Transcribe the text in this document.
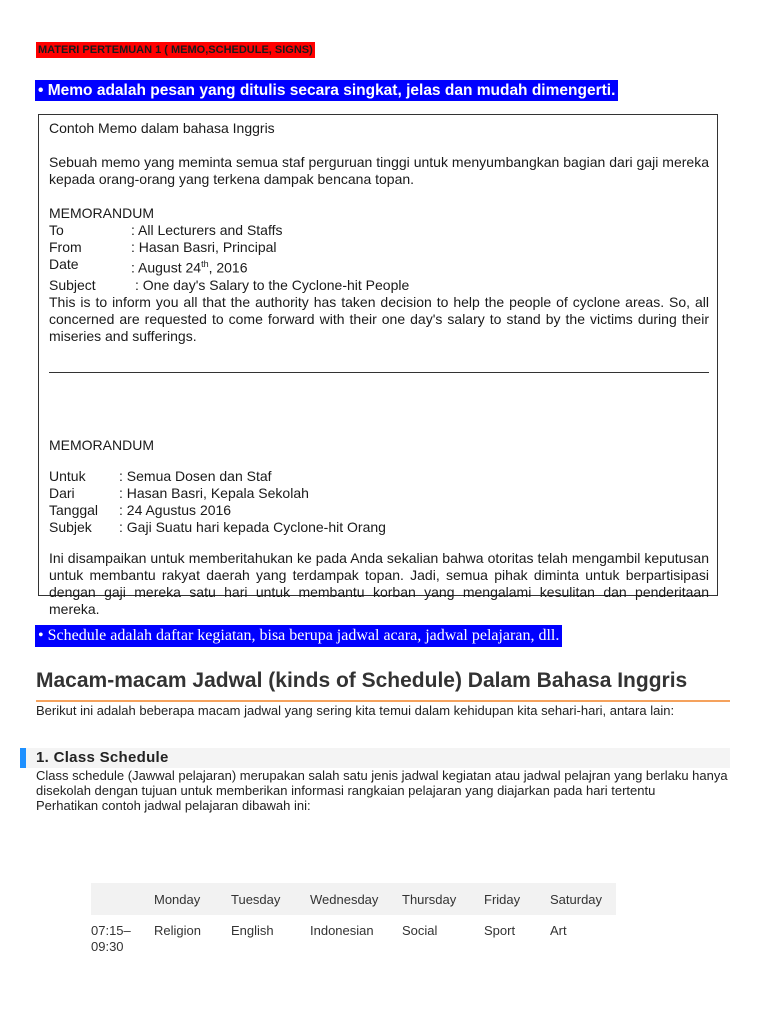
MATERI PERTEMUAN 1 ( MEMO,SCHEDULE, SIGNS)
• Memo adalah pesan yang ditulis secara singkat, jelas dan mudah dimengerti.

Contoh Memo dalam bahasa Inggris

Sebuah memo yang meminta semua staf perguruan tinggi untuk menyumbangkan bagian dari gaji mereka kepada orang-orang yang terkena dampak bencana topan.

MEMORANDUM

To	: All Lecturers and Staffs
From	: Hasan Basri, Principal
Date	: August 24th, 2016
Subject	: One day's Salary to the Cyclone-hit People

This is to inform you all that the authority has taken decision to help the people of cyclone areas. So, all concerned are requested to come forward with their one day's salary to stand by the victims during their miseries and sufferings.

MEMORANDUM

Untuk	: Semua Dosen dan Staf
Dari	: Hasan Basri, Kepala Sekolah
Tanggal	: 24 Agustus 2016
Subjek	: Gaji Suatu hari kepada Cyclone-hit Orang

Ini disampaikan untuk memberitahukan ke pada Anda sekalian bahwa otoritas telah mengambil keputusan untuk membantu rakyat daerah yang terdampak topan. Jadi, semua pihak diminta untuk berpartisipasi dengan gaji mereka satu hari untuk membantu korban yang mengalami kesulitan dan penderitaan mereka.

• Schedule adalah daftar kegiatan, bisa berupa jadwal acara, jadwal pelajaran, dll.
Macam-macam Jadwal (kinds of Schedule) Dalam Bahasa Inggris
Berikut ini adalah beberapa macam jadwal yang sering kita temui dalam kehidupan kita sehari-hari, antara lain:
1. Class Schedule

Class schedule (Jawwal pelajaran) merupakan salah satu jenis jadwal kegiatan atau jadwal pelajran yang berlaku hanya disekolah dengan tujuan untuk memberikan informasi rangkaian pelajaran yang diajarkan pada hari tertentu

Perhatikan contoh jadwal pelajaran dibawah ini:

	Monday	Tuesday	Wednesday	Thursday	Friday	Saturday
07:15– 09:30	Religion	English	Indonesian	Social	Sport	Art
